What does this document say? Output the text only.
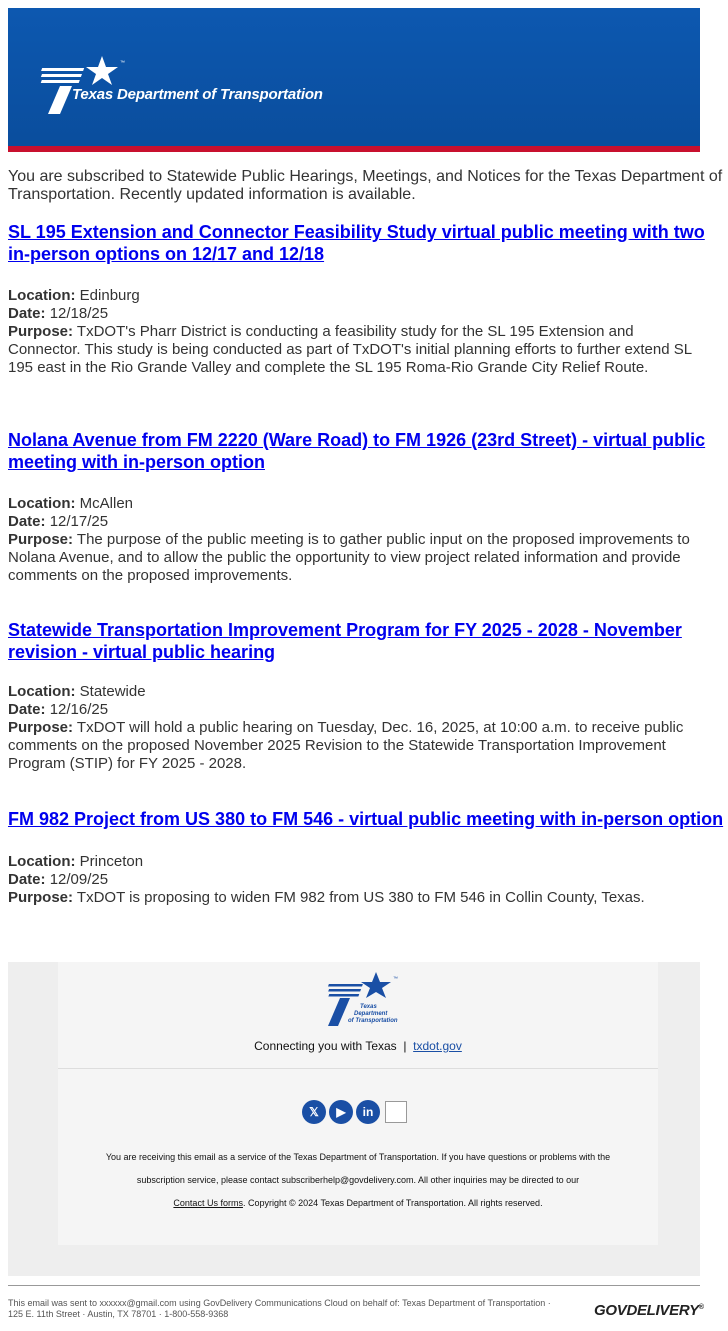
™
Texas Department of Transportation
You are subscribed to Statewide Public Hearings, Meetings, and Notices for the Texas Department of Transportation. Recently updated information is available.
SL 195 Extension and Connector Feasibility Study virtual public meeting with two in-person options on 12/17 and 12/18
Location: Edinburg
Date: 12/18/25
Purpose: TxDOT's Pharr District is conducting a feasibility study for the SL 195 Extension and Connector. This study is being conducted as part of TxDOT's initial planning efforts to further extend SL 195 east in the Rio Grande Valley and complete the SL 195 Roma-Rio Grande City Relief Route.
Nolana Avenue from FM 2220 (Ware Road) to FM 1926 (23rd Street) - virtual public meeting with in-person option
Location: McAllen
Date: 12/17/25
Purpose: The purpose of the public meeting is to gather public input on the proposed improvements to Nolana Avenue, and to allow the public the opportunity to view project related information and provide comments on the proposed improvements.
Statewide Transportation Improvement Program for FY 2025 - 2028 - November revision - virtual public hearing
Location: Statewide
Date: 12/16/25
Purpose: TxDOT will hold a public hearing on Tuesday, Dec. 16, 2025, at 10:00 a.m. to receive public comments on the proposed November 2025 Revision to the Statewide Transportation Improvement Program (STIP) for FY 2025 - 2028.
FM 982 Project from US 380 to FM 546 - virtual public meeting with in-person option
Location: Princeton
Date: 12/09/25
Purpose: TxDOT is proposing to widen FM 982 from US 380 to FM 546 in Collin County, Texas.
Texas
Department
of Transportation
™
Connecting you with Texas | txdot.gov
𝕏 ▶ in
You are receiving this email as a service of the Texas Department of Transportation. If you have questions or problems with the subscription service, please contact subscriberhelp@govdelivery.com. All other inquiries may be directed to our
Contact Us forms. Copyright © 2024 Texas Department of Transportation. All rights reserved.
This email was sent to xxxxxx@gmail.com using GovDelivery Communications Cloud on behalf of: Texas Department of Transportation · 125 E. 11th Street · Austin, TX 78701 · 1-800-558-9368	GOVDELIVERY®
